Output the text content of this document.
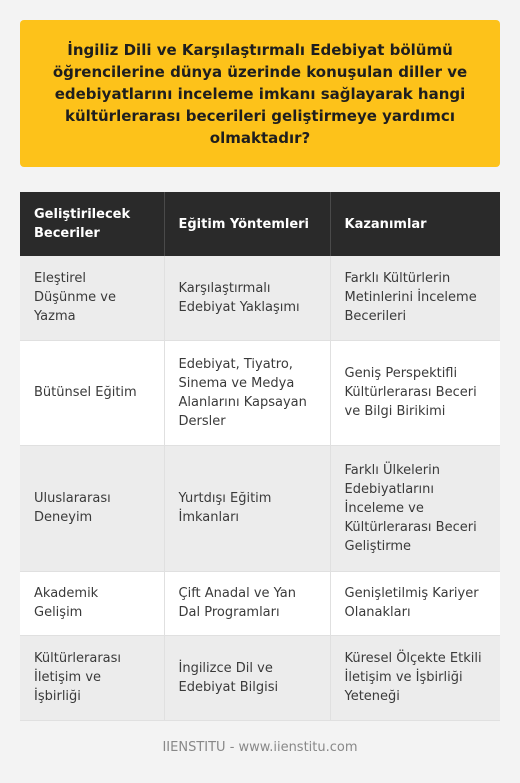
İngiliz Dili ve Karşılaştırmalı Edebiyat bölümü öğrencilerine dünya üzerinde konuşulan diller ve edebiyatlarını inceleme imkanı sağlayarak hangi kültürlerarası becerileri geliştirmeye yardımcı olmaktadır?

Geliştirilecek Beceriler	Eğitim Yöntemleri	Kazanımlar
Eleştirel Düşünme ve Yazma	Karşılaştırmalı Edebiyat Yaklaşımı	Farklı Kültürlerin Metinlerini İnceleme Becerileri
Bütünsel Eğitim	Edebiyat, Tiyatro, Sinema ve Medya Alanlarını Kapsayan Dersler	Geniş Perspektifli Kültürlerarası Beceri ve Bilgi Birikimi
Uluslararası Deneyim	Yurtdışı Eğitim İmkanları	Farklı Ülkelerin Edebiyatlarını İnceleme ve Kültürlerarası Beceri Geliştirme
Akademik Gelişim	Çift Anadal ve Yan Dal Programları	Genişletilmiş Kariyer Olanakları
Kültürlerarası İletişim ve İşbirliği	İngilizce Dil ve Edebiyat Bilgisi	Küresel Ölçekte Etkili İletişim ve İşbirliği Yeteneği
IIENSTITU - www.iienstitu.com
